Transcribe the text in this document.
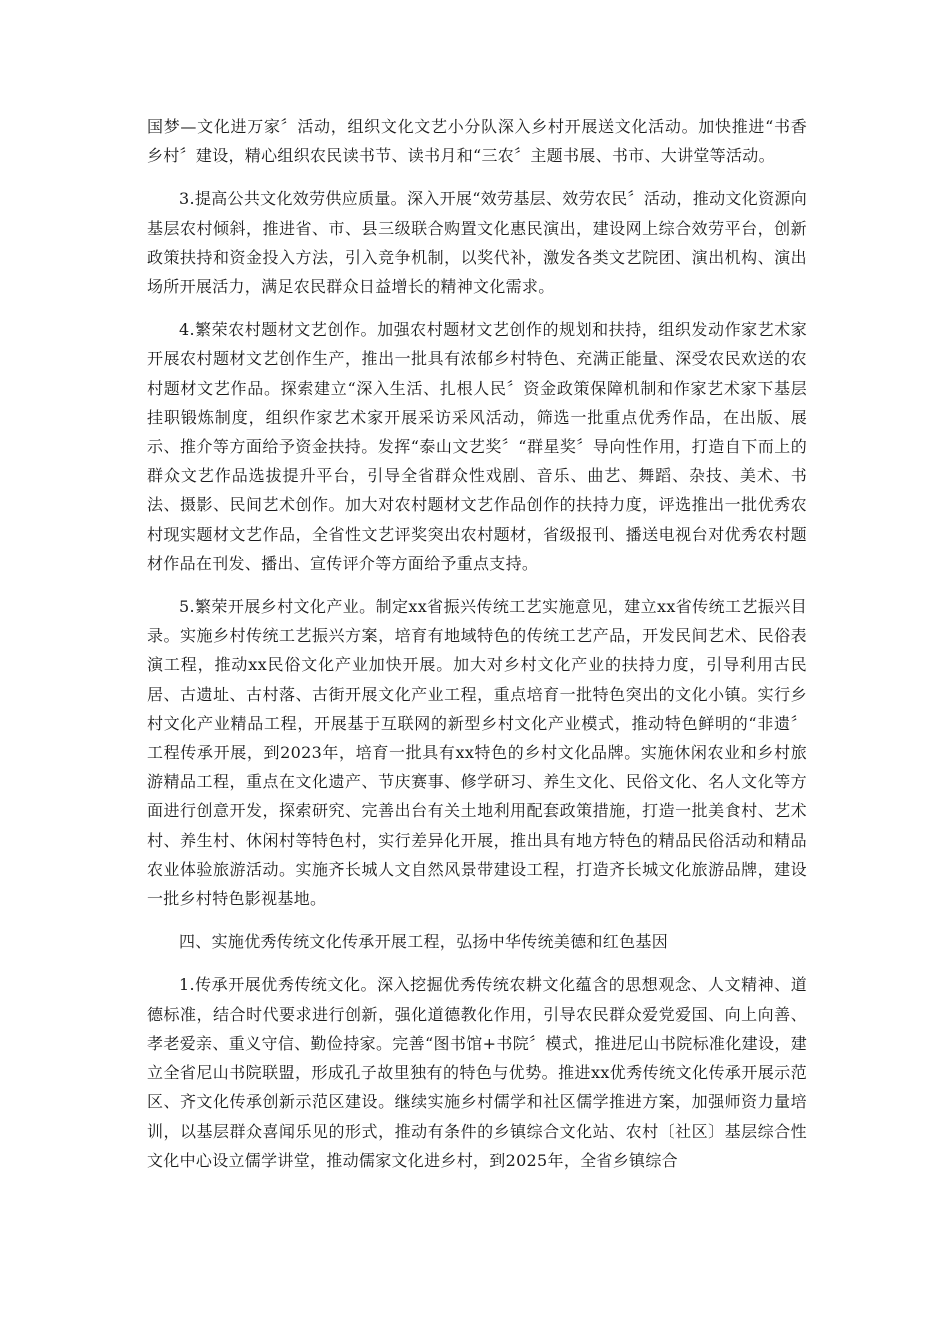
国梦—文化进万家〞活动，组织文化文艺小分队深入乡村开展送文化活动。加快推进“书香乡村〞建设，精心组织农民读书节、读书月和“三农〞主题书展、书市、大讲堂等活动。

3.提高公共文化效劳供应质量。深入开展“效劳基层、效劳农民〞活动，推动文化资源向基层农村倾斜，推进省、市、县三级联合购置文化惠民演出，建设网上综合效劳平台，创新政策扶持和资金投入方法，引入竞争机制，以奖代补，激发各类文艺院团、演出机构、演出场所开展活力，满足农民群众日益增长的精神文化需求。

4.繁荣农村题材文艺创作。加强农村题材文艺创作的规划和扶持，组织发动作家艺术家开展农村题材文艺创作生产，推出一批具有浓郁乡村特色、充满正能量、深受农民欢送的农村题材文艺作品。探索建立“深入生活、扎根人民〞资金政策保障机制和作家艺术家下基层挂职锻炼制度，组织作家艺术家开展采访采风活动，筛选一批重点优秀作品，在出版、展示、推介等方面给予资金扶持。发挥“泰山文艺奖〞“群星奖〞导向性作用，打造自下而上的群众文艺作品选拔提升平台，引导全省群众性戏剧、音乐、曲艺、舞蹈、杂技、美术、书法、摄影、民间艺术创作。加大对农村题材文艺作品创作的扶持力度，评选推出一批优秀农村现实题材文艺作品，全省性文艺评奖突出农村题材，省级报刊、播送电视台对优秀农村题材作品在刊发、播出、宣传评介等方面给予重点支持。

5.繁荣开展乡村文化产业。制定xx省振兴传统工艺实施意见，建立xx省传统工艺振兴目录。实施乡村传统工艺振兴方案，培育有地域特色的传统工艺产品，开发民间艺术、民俗表演工程，推动xx民俗文化产业加快开展。加大对乡村文化产业的扶持力度，引导利用古民居、古遗址、古村落、古街开展文化产业工程，重点培育一批特色突出的文化小镇。实行乡村文化产业精品工程，开展基于互联网的新型乡村文化产业模式，推动特色鲜明的“非遗〞工程传承开展，到2023年，培育一批具有xx特色的乡村文化品牌。实施休闲农业和乡村旅游精品工程，重点在文化遗产、节庆赛事、修学研习、养生文化、民俗文化、名人文化等方面进行创意开发，探索研究、完善出台有关土地利用配套政策措施，打造一批美食村、艺术村、养生村、休闲村等特色村，实行差异化开展，推出具有地方特色的精品民俗活动和精品农业体验旅游活动。实施齐长城人文自然风景带建设工程，打造齐长城文化旅游品牌，建设一批乡村特色影视基地。

四、实施优秀传统文化传承开展工程，弘扬中华传统美德和红色基因

1.传承开展优秀传统文化。深入挖掘优秀传统农耕文化蕴含的思想观念、人文精神、道德标准，结合时代要求进行创新，强化道德教化作用，引导农民群众爱党爱国、向上向善、孝老爱亲、重义守信、勤俭持家。完善“图书馆+书院〞模式，推进尼山书院标准化建设，建立全省尼山书院联盟，形成孔子故里独有的特色与优势。推进xx优秀传统文化传承开展示范区、齐文化传承创新示范区建设。继续实施乡村儒学和社区儒学推进方案，加强师资力量培训，以基层群众喜闻乐见的形式，推动有条件的乡镇综合文化站、农村〔社区〕基层综合性文化中心设立儒学讲堂，推动儒家文化进乡村，到2025年，全省乡镇综合
